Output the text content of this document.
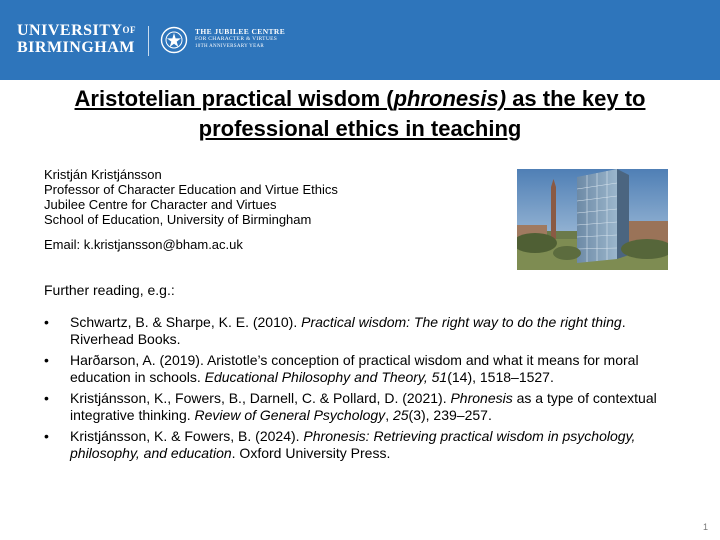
$UNIVERSITY^{OF}$
BIRMINGHAM
THE JUBILEE CENTRE
FOR CHARACTER & VIRTUES
10TH ANNIVERSARY YEAR
Aristotelian practical wisdom (phronesis) as the key to professional ethics in teaching
Kristján Kristjánsson
Professor of Character Education and Virtue Ethics
Jubilee Centre for Character and Virtues
School of Education, University of Birmingham
Email: k.kristjansson@bham.ac.uk
Further reading, e.g.:
• Schwartz, B. & Sharpe, K. E. (2010). Practical wisdom: The right way to do the right thing. Riverhead Books.
• Harðarson, A. (2019). Aristotle’s conception of practical wisdom and what it means for moral education in schools. Educational Philosophy and Theory, 51(14), 1518–1527.
• Kristjánsson, K., Fowers, B., Darnell, C. & Pollard, D. (2021). Phronesis as a type of contextual integrative thinking. Review of General Psychology, 25(3), 239–257.
• Kristjánsson, K. & Fowers, B. (2024). Phronesis: Retrieving practical wisdom in psychology, philosophy, and education. Oxford University Press.
1
